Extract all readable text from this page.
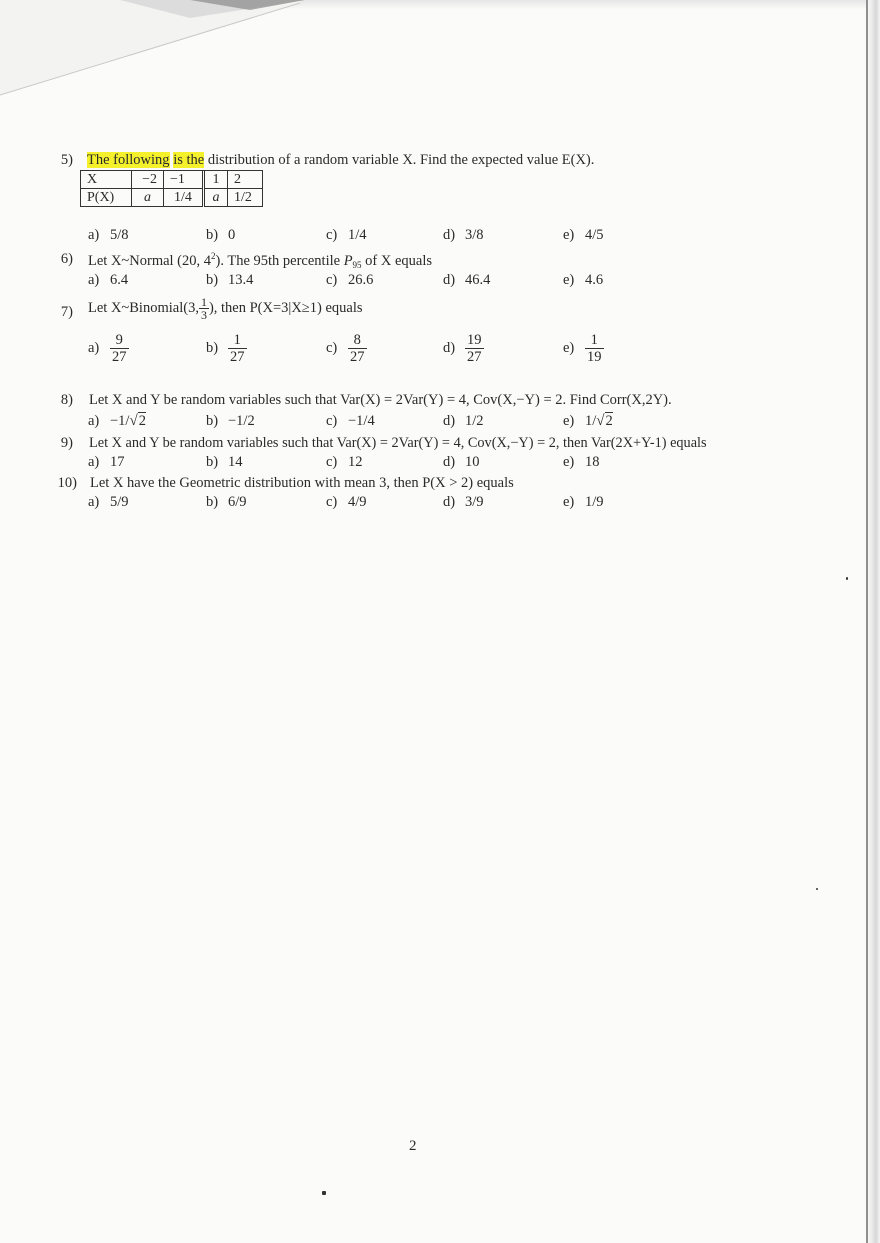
5) The following is the distribution of a random variable X. Find the expected value E(X).
X	−2	−1		1	2
P(X)	a	1/4		a	1/2
a) 5/8	b) 0	c) 1/4	d) 3/8	e) 4/5
6) Let X~Normal (20, $4^2$). The 95th percentile $P_{95}$ of X equals
a) 6.4	b) 13.4	c) 26.6	d) 46.4	e) 4.6
7) Let X~Binomial(3, $\frac{1}{3}$ ), then P(X=3|X≥1) equals
$a) \frac{9}{27}$	$b) \frac{1}{27}$	$c) \frac{8}{27}$	$d) \frac{19}{27}$	$e) \frac{1}{19}$
8) Let X and Y be random variables such that Var(X) = 2Var(Y) = 4, Cov(X,−Y) = 2. Find Corr(X,2Y).
a) −1/√2	b) −1/2	c) −1/4	d) 1/2	e) 1/√2
9) Let X and Y be random variables such that Var(X) = 2Var(Y) = 4, Cov(X,−Y) = 2, then Var(2X+Y-1) equals
a) 17	b) 14	c) 12	d) 10	e) 18
10) Let X have the Geometric distribution with mean 3, then P(X > 2) equals
a) 5/9	b) 6/9	c) 4/9	d) 3/9	e) 1/9
2
